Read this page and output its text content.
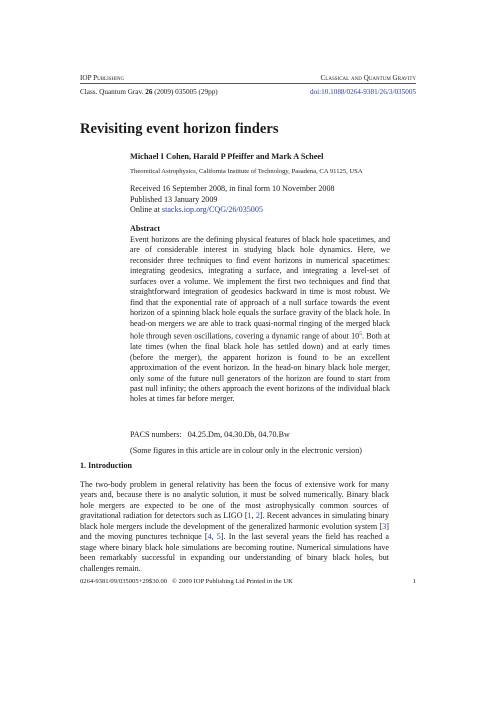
IOP Publishing	Classical and Quantum Gravity
Class. Quantum Grav. 26 (2009) 035005 (29pp)	doi:10.1088/0264-9381/26/3/035005
Revisiting event horizon finders
Michael I Cohen, Harald P Pfeiffer and Mark A Scheel
Theoretical Astrophysics, California Institute of Technology, Pasadena, CA 91125, USA
Received 16 September 2008, in final form 10 November 2008
Published 13 January 2009
Online at stacks.iop.org/CQG/26/035005
Abstract

Event horizons are the defining physical features of black hole spacetimes, and are of considerable interest in studying black hole dynamics. Here, we reconsider three techniques to find event horizons in numerical spacetimes: integrating geodesics, integrating a surface, and integrating a level-set of surfaces over a volume. We implement the first two techniques and find that straightforward integration of geodesics backward in time is most robust. We find that the exponential rate of approach of a null surface towards the event horizon of a spinning black hole equals the surface gravity of the black hole. In head-on mergers we are able to track quasi-normal ringing of the merged black hole through seven oscillations, covering a dynamic range of about $10^5$. Both at late times (when the final black hole has settled down) and at early times (before the merger), the apparent horizon is found to be an excellent approximation of the event horizon. In the head-on binary black hole merger, only some of the future null generators of the horizon are found to start from past null infinity; the others approach the event horizons of the individual black holes at times far before merger.

PACS numbers: 04.25.Dm, 04.30.Db, 04.70.Bw
(Some figures in this article are in colour only in the electronic version)
1. Introduction

The two-body problem in general relativity has been the focus of extensive work for many years and, because there is no analytic solution, it must be solved numerically. Binary black hole mergers are expected to be one of the most astrophysically common sources of gravitational radiation for detectors such as LIGO [1, 2]. Recent advances in simulating binary black hole mergers include the development of the generalized harmonic evolution system [3] and the moving punctures technique [4, 5]. In the last several years the field has reached a stage where binary black hole simulations are becoming routine. Numerical simulations have been remarkably successful in expanding our understanding of binary black holes, but challenges remain.

0264-9381/09/035005+29$30.00 © 2009 IOP Publishing Ltd Printed in the UK	1
